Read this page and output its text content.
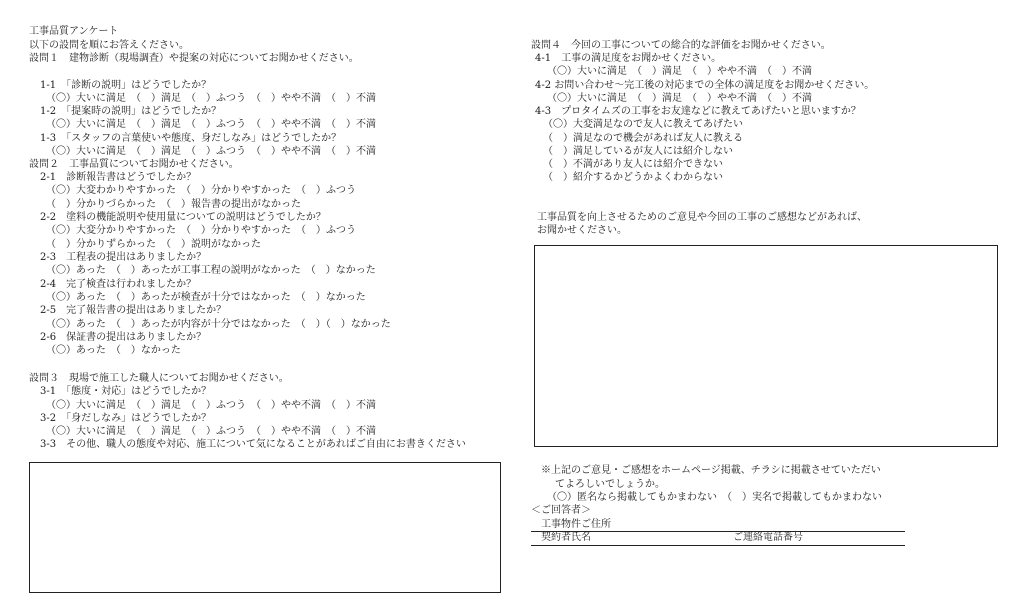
工事品質アンケート
以下の設問を順にお答えください。
設問１　建物診断（現場調査）や提案の対応についてお聞かせください。
1-1　「診断の説明」はどうでしたか？
（〇）大いに満足　（　）満足　（　）ふつう　（　）やや不満　（　）不満
1-2　「提案時の説明」はどうでしたか？
（〇）大いに満足　（　）満足　（　）ふつう　（　）やや不満　（　）不満
1-3　「スタッフの言葉使いや態度、身だしなみ」はどうでしたか？
（〇）大いに満足　（　）満足　（　）ふつう　（　）やや不満　（　）不満
設問２　工事品質についてお聞かせください。
2-1　診断報告書はどうでしたか？
（〇）大変わかりやすかった　（　）分かりやすかった　（　）ふつう
（　）分かりづらかった　（　）報告書の提出がなかった
2-2　塗料の機能説明や使用量についての説明はどうでしたか？
（〇）大変分かりやすかった　（　）分かりやすかった　（　）ふつう
（　）分かりずらかった　（　）説明がなかった
2-3　工程表の提出はありましたか？
（〇）あった　（　）あったが工事工程の説明がなかった　（　）なかった
2-4　完了検査は行われましたか？
（〇）あった　（　）あったが検査が十分ではなかった　（　）なかった
2-5　完了報告書の提出はありましたか？
（〇）あった　（　）あったが内容が十分ではなかった　（　）（　）なかった
2-6　保証書の提出はありましたか？
（〇）あった　（　）なかった
設問３　現場で施工した職人についてお聞かせください。
3-1　「態度・対応」はどうでしたか？
（〇）大いに満足　（　）満足　（　）ふつう　（　）やや不満　（　）不満
3-2　「身だしなみ」はどうでしたか？
（〇）大いに満足　（　）満足　（　）ふつう　（　）やや不満　（　）不満
3-3　その他、職人の態度や対応、施工について気になることがあればご自由にお書きください
設問４　今回の工事についての総合的な評価をお聞かせください。
4-1　工事の満足度をお聞かせください。
（〇）大いに満足　（　）満足　（　）やや不満　（　）不満
4-2 お問い合わせ～完工後の対応までの全体の満足度をお聞かせください。
（〇）大いに満足　（　）満足　（　）やや不満　（　）不満
4-3　プロタイムズの工事をお友達などに教えてあげたいと思いますか？
（〇）大変満足なので友人に教えてあげたい
（　）満足なので機会があれば友人に教える
（　）満足しているが友人には紹介しない
（　）不満があり友人には紹介できない
（　）紹介するかどうかよくわからない
工事品質を向上させるためのご意見や今回の工事のご感想などがあれば、
お聞かせください。
※上記のご意見・ご感想をホームページ掲載、チラシに掲載させていただい
てよろしいでしょうか。
（〇）匿名なら掲載してもかまわない　（　）実名で掲載してもかまわない
＜ご回答者＞
工事物件ご住所
契約者氏名	ご連絡電話番号
